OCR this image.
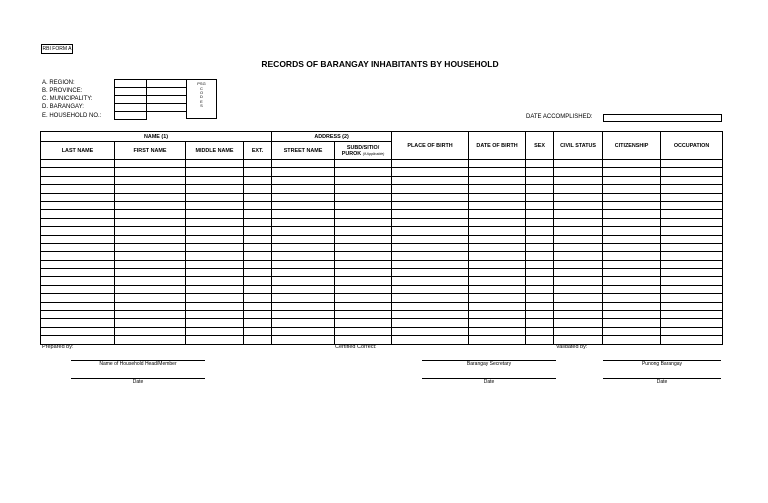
RBI FORM A
RECORDS OF BARANGAY INHABITANTS BY HOUSEHOLD
A. REGION:
B. PROVINCE:
C. MUNICIPALITY:
D. BARANGAY:
E. HOUSEHOLD NO.:
PSG
C
O
D
E
S
DATE ACCOMPLISHED:
NAME (1)				ADDRESS (2)		PLACE OF BIRTH	DATE OF BIRTH	SEX	CIVIL STATUS	CITIZENSHIP	OCCUPATION
LAST NAME	FIRST NAME	MIDDLE NAME	EXT.	STREET NAME	SUBD/SITIO/
PUROK (if Applicable)						

Prepared by:	Certified Correct:	Validated by:
Name of Household Head/Member
Date
Barangay Secretary
Date
Punong Barangay
Date
